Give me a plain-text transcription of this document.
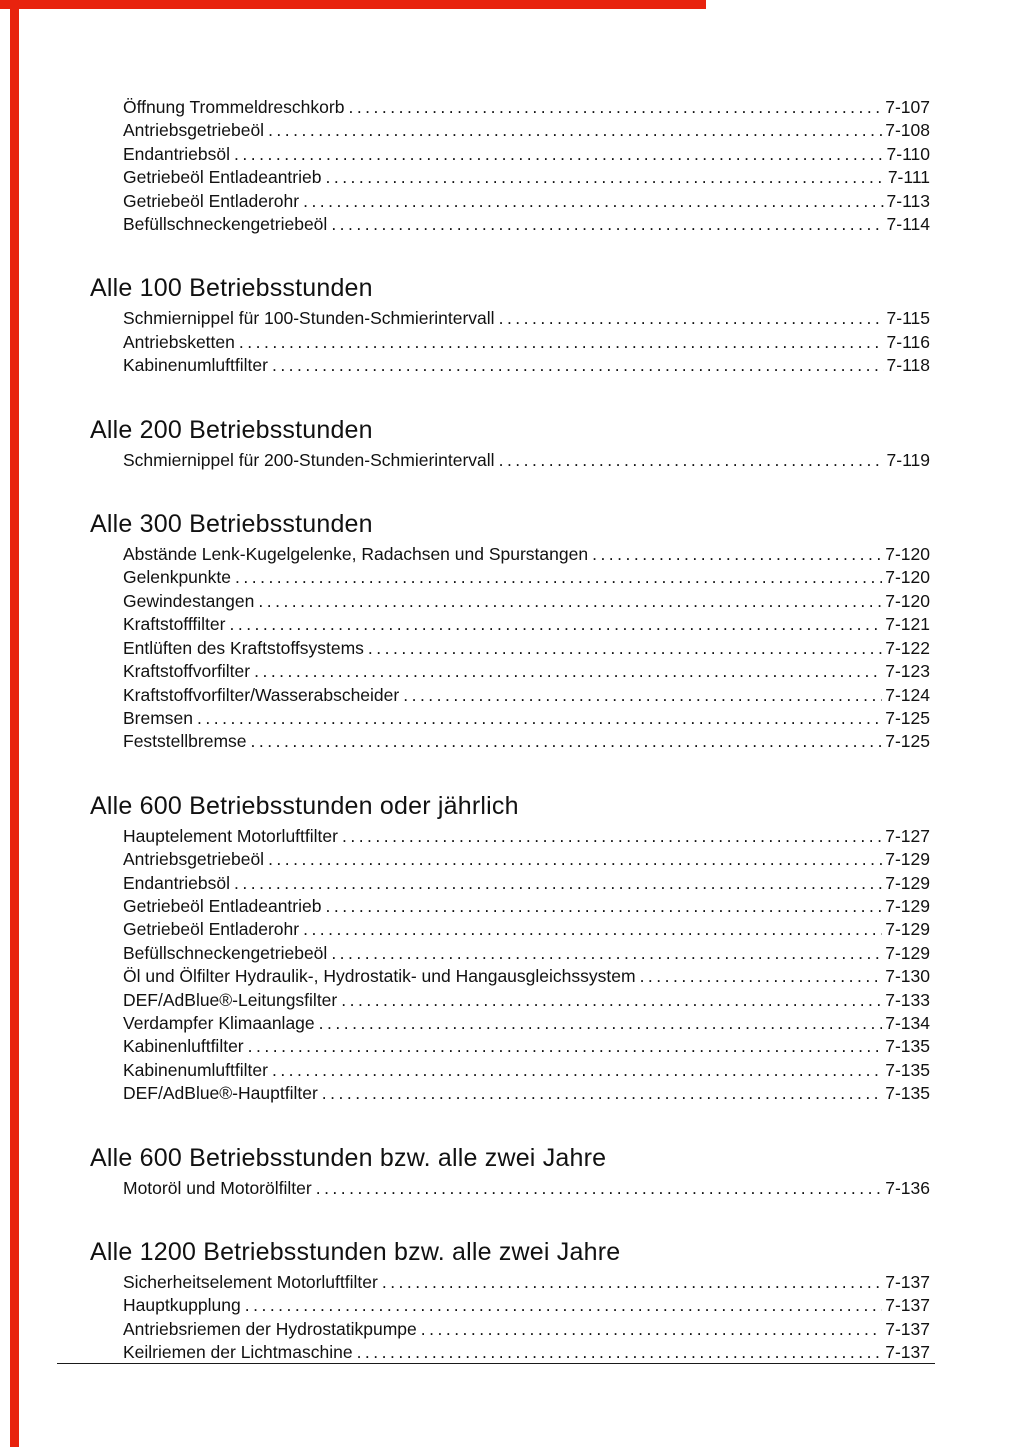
Öffnung Trommeldreschkorb .....	7-107
Antriebsgetriebeöl .....	7-108
Endantriebsöl .....	7-110
Getriebeöl Entladeantrieb .....	7-111
Getriebeöl Entladerohr .....	7-113
Befüllschneckengetriebeöl .....	7-114
Alle 100 Betriebsstunden
Schmiernippel für 100-Stunden-Schmierintervall .....	7-115
Antriebsketten .....	7-116
Kabinenumluftfilter .....	7-118
Alle 200 Betriebsstunden
Schmiernippel für 200-Stunden-Schmierintervall .....	7-119
Alle 300 Betriebsstunden
Abstände Lenk-Kugelgelenke, Radachsen und Spurstangen .....	7-120
Gelenkpunkte .....	7-120
Gewindestangen .....	7-120
Kraftstofffilter .....	7-121
Entlüften des Kraftstoffsystems .....	7-122
Kraftstoffvorfilter .....	7-123
Kraftstoffvorfilter/Wasserabscheider .....	7-124
Bremsen .....	7-125
Feststellbremse .....	7-125
Alle 600 Betriebsstunden oder jährlich
Hauptelement Motorluftfilter .....	7-127
Antriebsgetriebeöl .....	7-129
Endantriebsöl .....	7-129
Getriebeöl Entladeantrieb .....	7-129
Getriebeöl Entladerohr .....	7-129
Befüllschneckengetriebeöl .....	7-129
Öl und Ölfilter Hydraulik-, Hydrostatik- und Hangausgleichssystem .....	7-130
DEF/AdBlue®-Leitungsfilter .....	7-133
Verdampfer Klimaanlage .....	7-134
Kabinenluftfilter .....	7-135
Kabinenumluftfilter .....	7-135
DEF/AdBlue®-Hauptfilter .....	7-135
Alle 600 Betriebsstunden bzw. alle zwei Jahre
Motoröl und Motorölfilter .....	7-136
Alle 1200 Betriebsstunden bzw. alle zwei Jahre
Sicherheitselement Motorluftfilter .....	7-137
Hauptkupplung .....	7-137
Antriebsriemen der Hydrostatikpumpe .....	7-137
Keilriemen der Lichtmaschine .....	7-137
